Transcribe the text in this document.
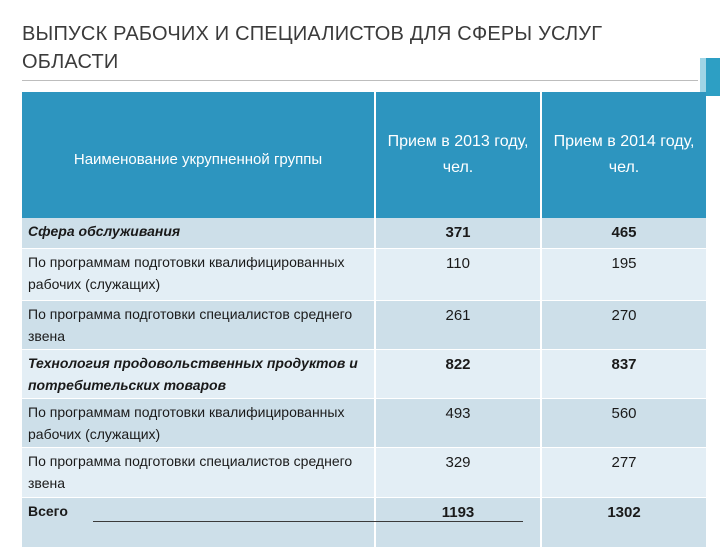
ВЫПУСК РАБОЧИХ И СПЕЦИАЛИСТОВ ДЛЯ СФЕРЫ УСЛУГ ОБЛАСТИ
Наименование укрупненной группы	Прием в 2013 году, чел.	Прием в 2014 году, чел.
Сфера обслуживания	371	465
По программам подготовки квалифицированных рабочих (служащих)	110	195
По программа подготовки специалистов среднего звена	261	270
Технология продовольственных продуктов и потребительских товаров	822	837
По программам подготовки квалифицированных рабочих (служащих)	493	560
По программа подготовки специалистов среднего звена	329	277
Всего	1193	1302
